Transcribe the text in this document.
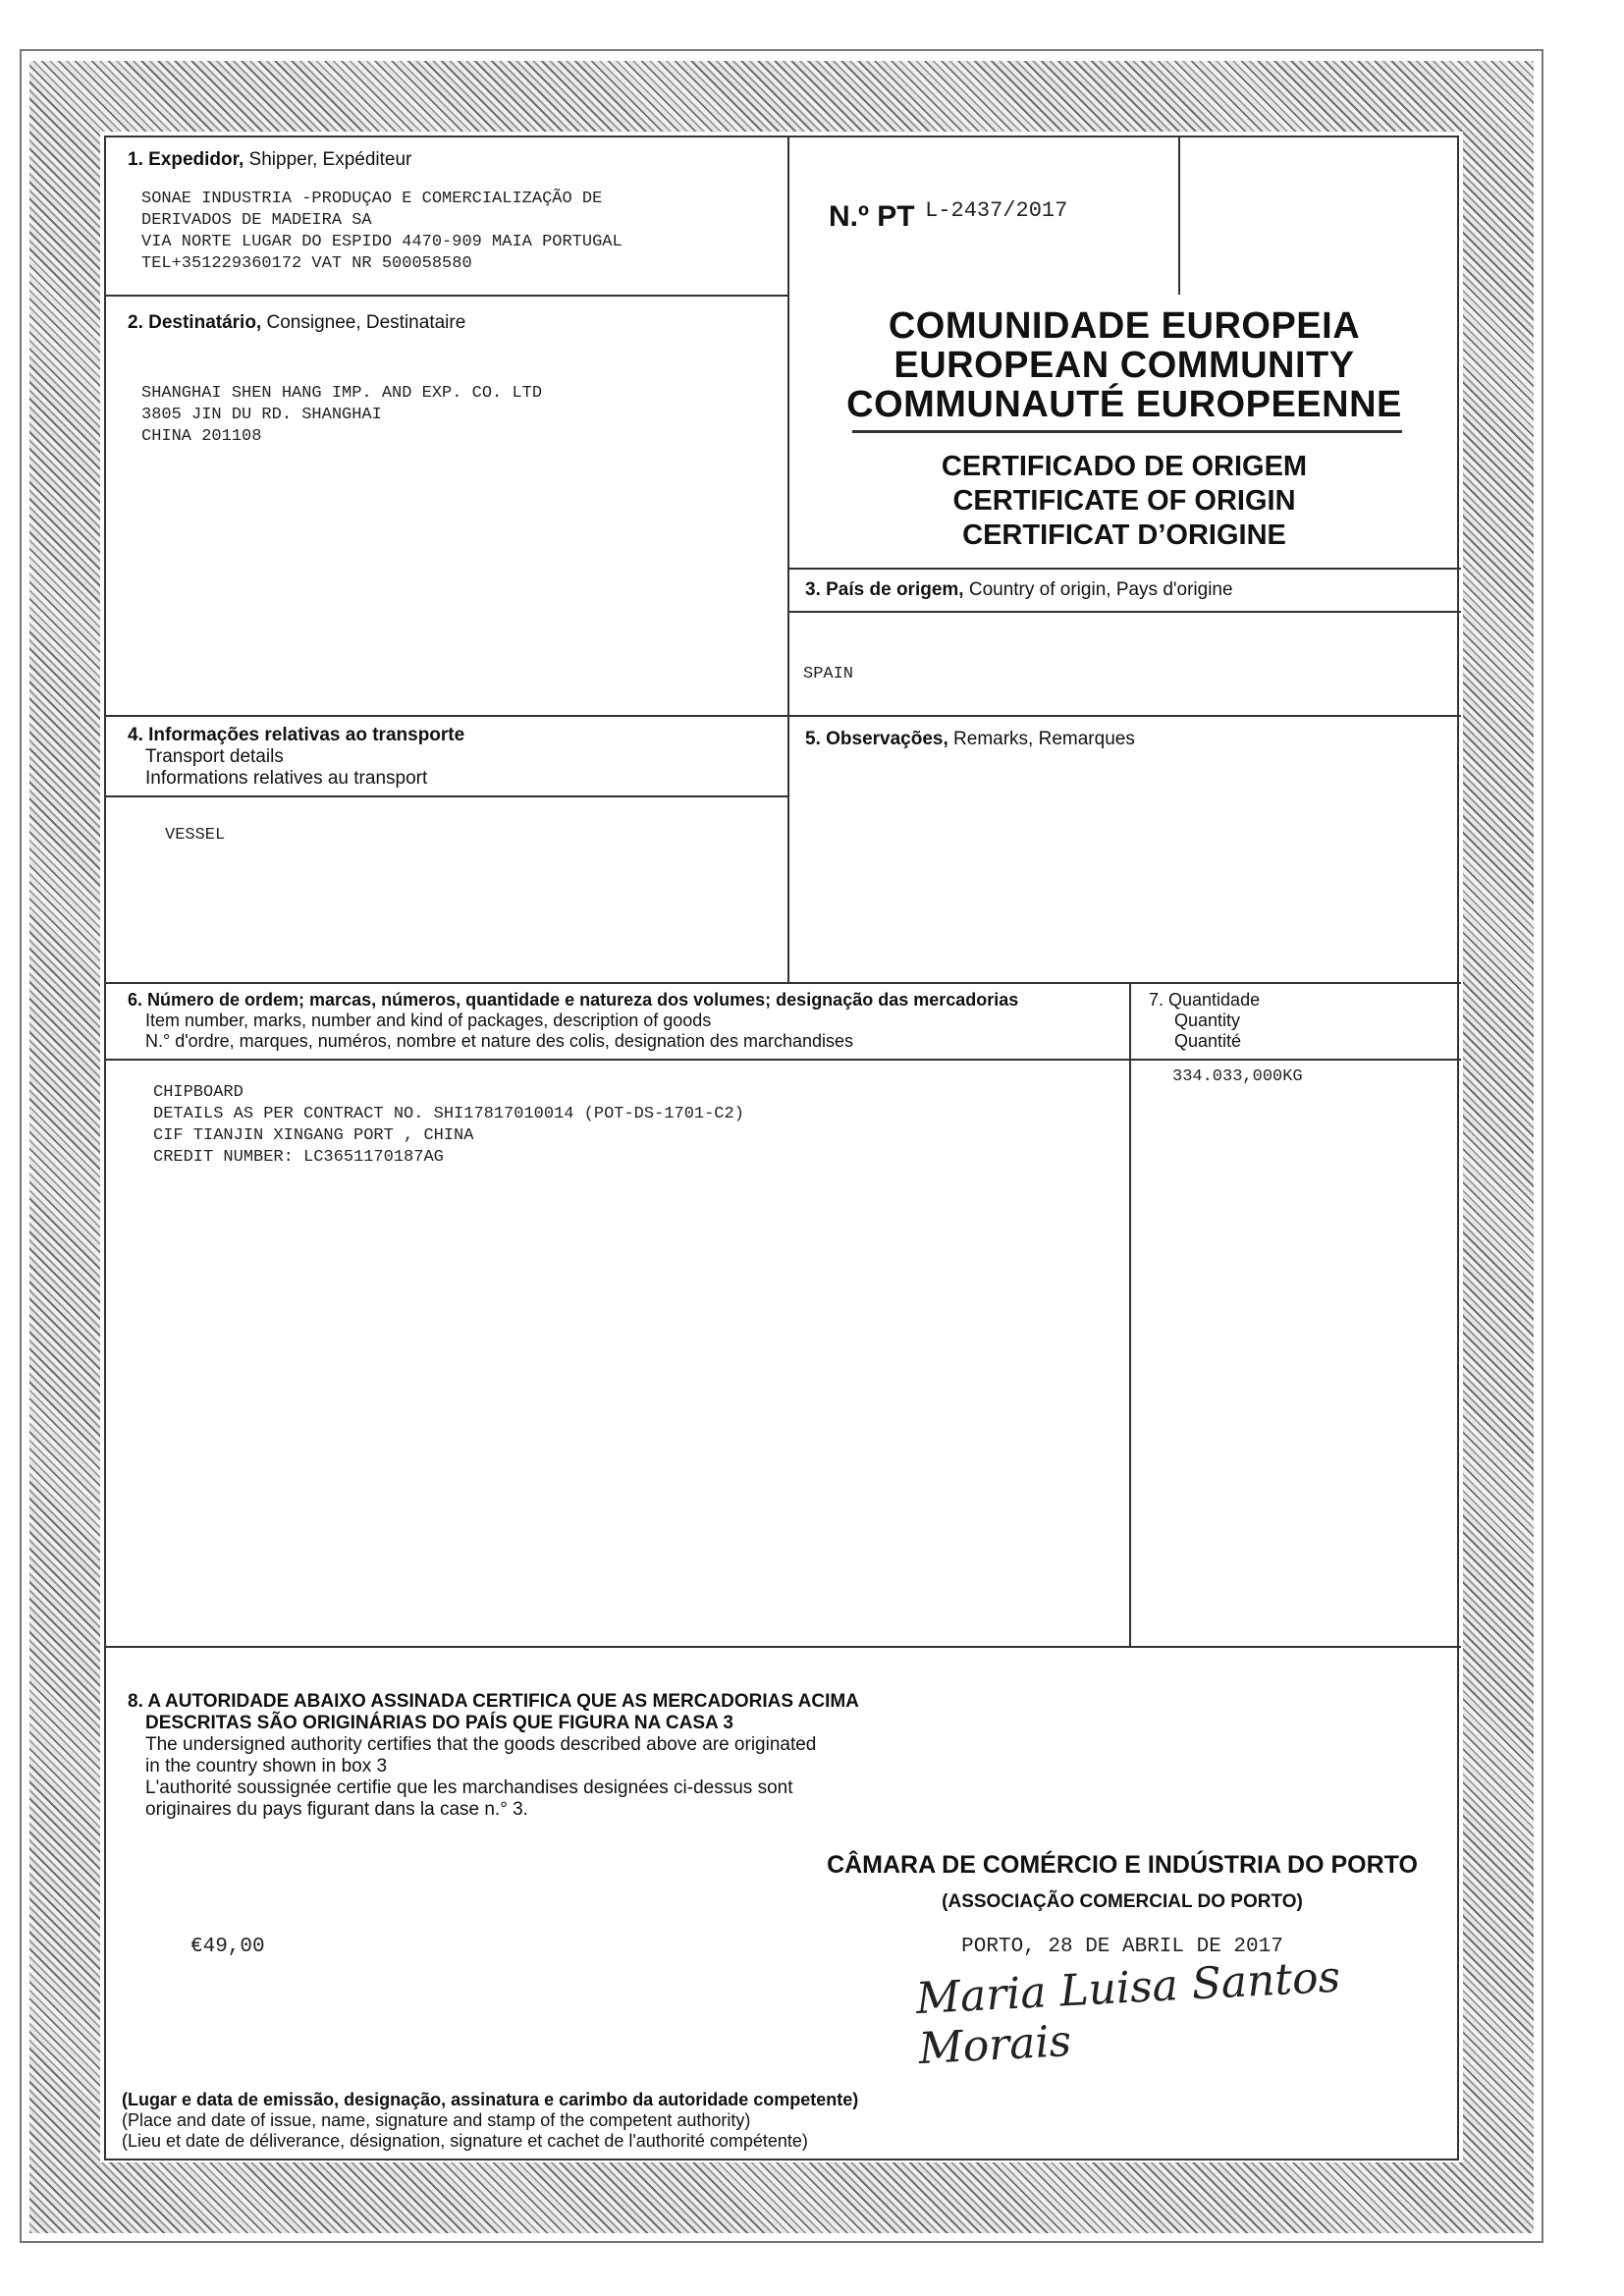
1. Expedidor, Shipper, Expéditeur
SONAE INDUSTRIA -PRODUÇAO E COMERCIALIZAÇÃO DE
DERIVADOS DE MADEIRA SA
VIA NORTE LUGAR DO ESPIDO 4470-909 MAIA PORTUGAL
TEL+351229360172 VAT NR 500058580
N.º PT L-2437/2017
2. Destinatário, Consignee, Destinataire
SHANGHAI SHEN HANG IMP. AND EXP. CO. LTD
3805 JIN DU RD. SHANGHAI
CHINA 201108
COMUNIDADE EUROPEIA
EUROPEAN COMMUNITY
COMMUNAUTÉ EUROPEENNE
CERTIFICADO DE ORIGEM
CERTIFICATE OF ORIGIN
CERTIFICAT D’ORIGINE
3. País de origem, Country of origin, Pays d'origine
SPAIN
4. Informações relativas ao transporte
Transport details
Informations relatives au transport
VESSEL
5. Observações, Remarks, Remarques
6. Número de ordem; marcas, números, quantidade e natureza dos volumes; designação das mercadorias
Item number, marks, number and kind of packages, description of goods
N.° d'ordre, marques, numéros, nombre et nature des colis, designation des marchandises
CHIPBOARD
DETAILS AS PER CONTRACT NO. SHI17817010014 (POT-DS-1701-C2)
CIF TIANJIN XINGANG PORT , CHINA
CREDIT NUMBER: LC3651170187AG
7. Quantidade
Quantity
Quantité
334.033,000KG
8. A AUTORIDADE ABAIXO ASSINADA CERTIFICA QUE AS MERCADORIAS ACIMA
DESCRITAS SÃO ORIGINÁRIAS DO PAÍS QUE FIGURA NA CASA 3
The undersigned authority certifies that the goods described above are originated
in the country shown in box 3
L'authorité soussignée certifie que les marchandises designées ci-dessus sont
originaires du pays figurant dans la case n.° 3.
CÂMARA DE COMÉRCIO E INDÚSTRIA DO PORTO
(ASSOCIAÇÃO COMERCIAL DO PORTO)
PORTO, 28 DE ABRIL DE 2017
€49,00
Maria Luisa Santos Morais
(Lugar e data de emissão, designação, assinatura e carimbo da autoridade competente)
(Place and date of issue, name, signature and stamp of the competent authority)
(Lieu et date de déliverance, désignation, signature et cachet de l'authorité compétente)
